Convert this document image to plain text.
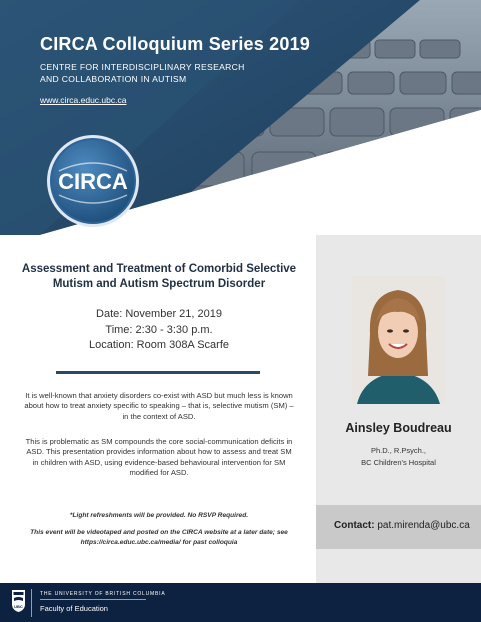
CIRCA Colloquium Series 2019
CENTRE FOR INTERDISCIPLINARY RESEARCH
AND COLLABORATION IN AUTISM
www.circa.educ.ubc.ca
CIRCA
Ainsley Boudreau
Ph.D., R.Psych.,
BC Children's Hospital
Contact: pat.mirenda@ubc.ca
Assessment and Treatment of Comorbid Selective
Mutism and Autism Spectrum Disorder
Date: November 21, 2019
Time: 2:30 - 3:30 p.m.
Location: Room 308A Scarfe
It is well-known that anxiety disorders co-exist with ASD but much less is known about how to treat anxiety specific to speaking – that is, selective mutism (SM) – in the context of ASD.
This is problematic as SM compounds the core social-communication deficits in ASD. This presentation provides information about how to assess and treat SM in children with ASD, using evidence-based behavioural intervention for SM modified for ASD.
*Light refreshments will be provided. No RSVP Required.
This event will be videotaped and posted on the CIRCA website at a later date; see https://circa.educ.ubc.ca/media/ for past colloquia
UBC
THE UNIVERSITY OF BRITISH COLUMBIA
Faculty of Education
